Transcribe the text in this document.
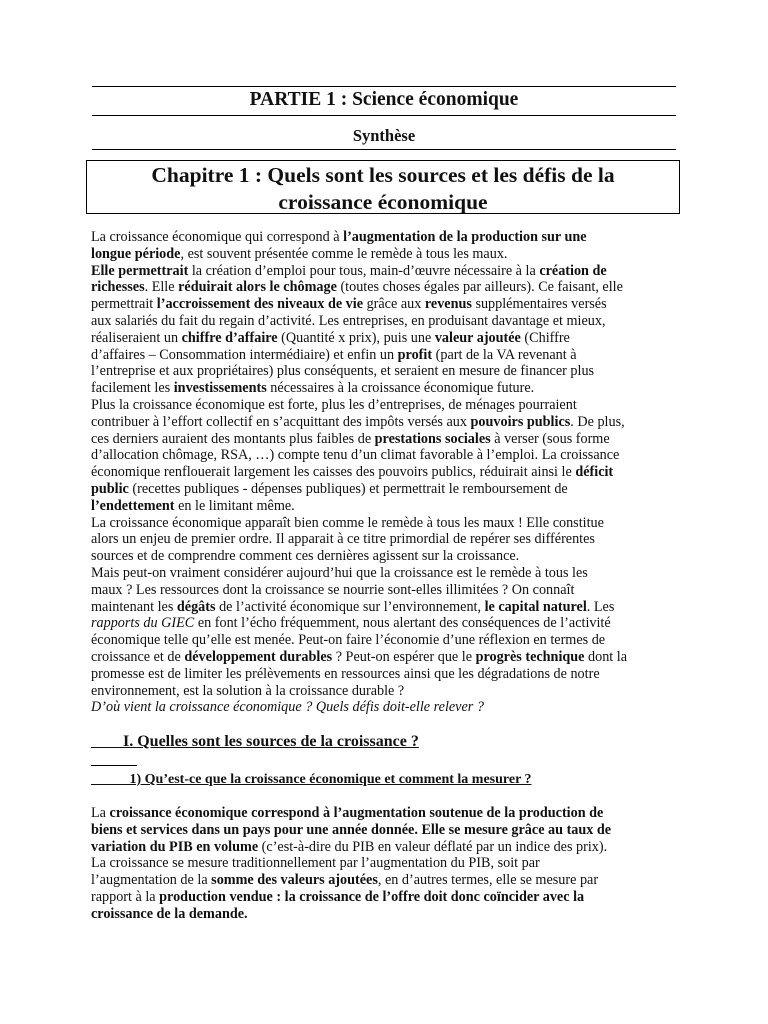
PARTIE 1 : Science économique
Synthèse
Chapitre 1 : Quels sont les sources et les défis de la
croissance économique
La croissance économique qui correspond à l’augmentation de la production sur une
longue période, est souvent présentée comme le remède à tous les maux.
Elle permettrait la création d’emploi pour tous, main-d’œuvre nécessaire à la création de
richesses. Elle réduirait alors le chômage (toutes choses égales par ailleurs). Ce faisant, elle
permettrait l’accroissement des niveaux de vie grâce aux revenus supplémentaires versés
aux salariés du fait du regain d’activité. Les entreprises, en produisant davantage et mieux,
réaliseraient un chiffre d’affaire (Quantité x prix), puis une valeur ajoutée (Chiffre
d’affaires – Consommation intermédiaire) et enfin un profit (part de la VA revenant à
l’entreprise et aux propriétaires) plus conséquents, et seraient en mesure de financer plus
facilement les investissements nécessaires à la croissance économique future.
Plus la croissance économique est forte, plus les d’entreprises, de ménages pourraient
contribuer à l’effort collectif en s’acquittant des impôts versés aux pouvoirs publics. De plus,
ces derniers auraient des montants plus faibles de prestations sociales à verser (sous forme
d’allocation chômage, RSA, …) compte tenu d’un climat favorable à l’emploi. La croissance
économique renflouerait largement les caisses des pouvoirs publics, réduirait ainsi le déficit
public (recettes publiques - dépenses publiques) et permettrait le remboursement de
l’endettement en le limitant même.
La croissance économique apparaît bien comme le remède à tous les maux ! Elle constitue
alors un enjeu de premier ordre. Il apparait à ce titre primordial de repérer ses différentes
sources et de comprendre comment ces dernières agissent sur la croissance.
Mais peut-on vraiment considérer aujourd’hui que la croissance est le remède à tous les
maux ? Les ressources dont la croissance se nourrie sont-elles illimitées ? On connaît
maintenant les dégâts de l’activité économique sur l’environnement, le capital naturel. Les
rapports du GIEC en font l’écho fréquemment, nous alertant des conséquences de l’activité
économique telle qu’elle est menée. Peut-on faire l’économie d’une réflexion en termes de
croissance et de développement durables ? Peut-on espérer que le progrès technique dont la
promesse est de limiter les prélèvements en ressources ainsi que les dégradations de notre
environnement, est la solution à la croissance durable ?
D’où vient la croissance économique ? Quels défis doit-elle relever ?
I. Quelles sont les sources de la croissance ?
1) Qu’est-ce que la croissance économique et comment la mesurer ?
La croissance économique correspond à l’augmentation soutenue de la production de
biens et services dans un pays pour une année donnée. Elle se mesure grâce au taux de
variation du PIB en volume (c’est-à-dire du PIB en valeur déflaté par un indice des prix).
La croissance se mesure traditionnellement par l’augmentation du PIB, soit par
l’augmentation de la somme des valeurs ajoutées, en d’autres termes, elle se mesure par
rapport à la production vendue : la croissance de l’offre doit donc coïncider avec la
croissance de la demande.
